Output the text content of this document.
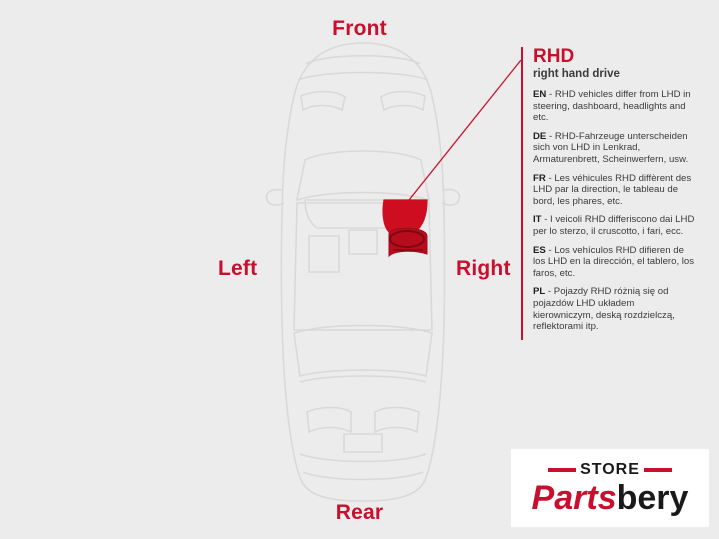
Front
Rear
Left	Right
RHD
right hand drive
EN - RHD vehicles differ from LHD in steering, dashboard, headlights and etc.
DE - RHD-Fahrzeuge unterscheiden sich von LHD in Lenkrad, Armaturenbrett, Scheinwerfern, usw.
FR - Les véhicules RHD diffèrent des LHD par la direction, le tableau de bord, les phares, etc.
IT - I veicoli RHD differiscono dai LHD per lo sterzo, il cruscotto, i fari, ecc.
ES - Los vehículos RHD difieren de los LHD en la dirección, el tablero, los faros, etc.
PL - Pojazdy RHD różnią się od pojazdów LHD układem kierowniczym, deską rozdzielczą, reflektorami itp.
STORE
Partsbery
